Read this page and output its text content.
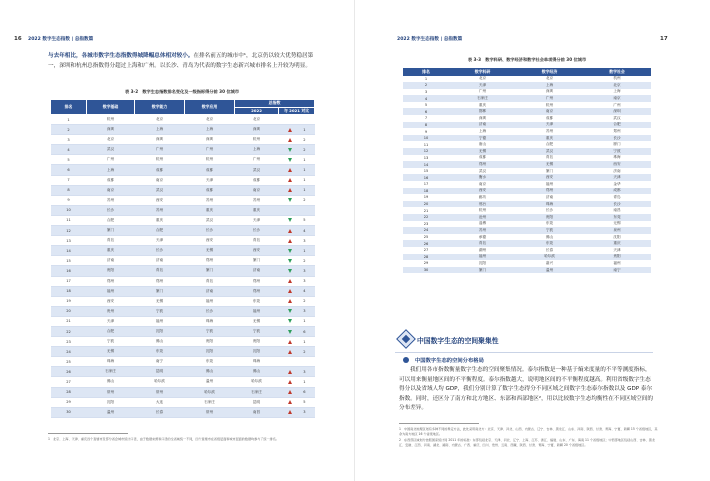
16 2022 数字生态指数 | 总指数篇
与去年相比，各城市数字生态指数得城降幅总体相对较小。在排名前五的城市中¹，北京仍以较大优势稳居第一，深圳和杭州总指数得分超过上海和广州。以长沙、青岛为代表的数字生态新兴城市排名上升较为明显。
表 3-2　数字生态指数排名变化及一级指标得分前 30 位城市
排名	数字基础	数字能力	数字应用	总指数	
				2022	与 2021 对比
1	杭州	北京	北京	北京	
2	深圳	上海	上海	深圳	1
3	北京	深圳	深圳	杭州	2
4	武汉	广州	广州	上海	2
5	广州	杭州	杭州	广州	1
6	上海	成都	成都	武汉	1
7	成都	南京	天津	成都	1
8	南京	武汉	成都	南京	1
9	苏州	西安	苏州	苏州	2
10	长沙	苏州	重庆	重庆	
11	合肥	重庆	武汉	天津	5
12	厦门	合肥	长沙	长沙	4
13	青岛	天津	西安	青岛	3
14	重庆	长沙	无锡	西安	1
15	济南	济南	郑州	厦门	2
16	贵阳	青岛	厦门	济南	3
17	郑州	郑州	青岛	郑州	3
18	福州	厦门	济南	郑州	4
19	西安	无锡	福州	东莞	2
20	贵州	宁波	长沙	福州	3
21	天津	福州	珠海	无锡	1
22	合肥	沈阳	宁波	宁波	6
23	宁波	佛山	贵阳	贵阳	1
24	无锡	东莞	沈阳	沈阳	2
25	珠海	南宁	东莞	珠海	
26	石家庄	昆明	佛山	佛山	3
27	佛山	哈尔滨	温州	哈尔滨	1
28	常州	常州	哈尔滨	石家庄	6
29	沈阳	大连	石家庄	昆明	5
30	温州	长春	常州	南昌	3
1　北京、上海、天津、重庆四个直辖市及部分省会城市统计口径，由于数据来源和口径的全省域统一不同，四个直辖市在省级层面和城市层面的数据均参与了统一排名。
2022 数字生态指数 | 总指数篇	17
表 3-3　数字科研、数字经济和数字社会单项得分前 30 位城市
排名	数字科研	数字经济	数字社会
1	北京	北京	杭州
2	天津	上海	北京
3	广州	深圳	上海
4	石家庄	广州	南京
5	重庆	杭州	广州
6	邯郸	南京	深圳
7	深圳	成都	武汉
8	济南	天津	合肥
9	上海	苏州	郑州
10	宁德	重庆	长沙
11	唐山	合肥	厦门
12	无锡	武汉	宁波
13	成都	青岛	珠海
14	郑州	无锡	西安
15	武汉	厦门	济南
16	衡水	西安	天津
17	南京	福州	金华
18	西安	郑州	成都
19	廊坊	济南	青岛
20	邢台	珠海	长沙
21	杭州	长沙	南昌
22	沧州	贵阳	东莞
23	淄博	东莞	无锡
24	苏州	宁波	泉州
25	承德	佛山	沈阳
26	青岛	东莞	重庆
27	湖州	长春	天津
28	福州	哈尔滨	贵阳
29	沈阳	嘉兴	福州
30	厦门	温州	南宁
中国数字生态的空间聚集性
中国数字生态的空间分布格局
我们用各市指数衡量数字生态的空间聚集情况。泰尔指数是一种基于熵来度量的不平等测度指标，可以用来衡量地区间的不平衡程度。泰尔指数越大，说明地区间的不平衡程度越高。利用省级数字生态得分以及省域人均 GDP，我们分别计算了数字生态得分不同区域之间数字生态泰尔指数以及 GDP 泰尔指数。同时，还区分了南方和北方地区、东部和西部地区²，用以比较数字生态均衡性在不同区域空间的分布差异。
1　中国南北地理区划有多种不同的界定方法，此处采用南北方：北京、天津、河北、山西、内蒙古、辽宁、吉林、黑龙江、山东、河南、陕西、甘肃、青海、宁夏、新疆 15 个省级地区，其余为南方地区 16 个省级地区。
2　东西部区域划分按照国家统计局 2011 年的标准：东部包括北京、天津、河北、辽宁、上海、江苏、浙江、福建、山东、广东、海南 11 个省级地区；中西部地区包括山西、吉林、黑龙江、安徽、江西、河南、湖北、湖南、内蒙古、广西、重庆、四川、贵州、云南、西藏、陕西、甘肃、青海、宁夏、新疆 20 个省级地区。
